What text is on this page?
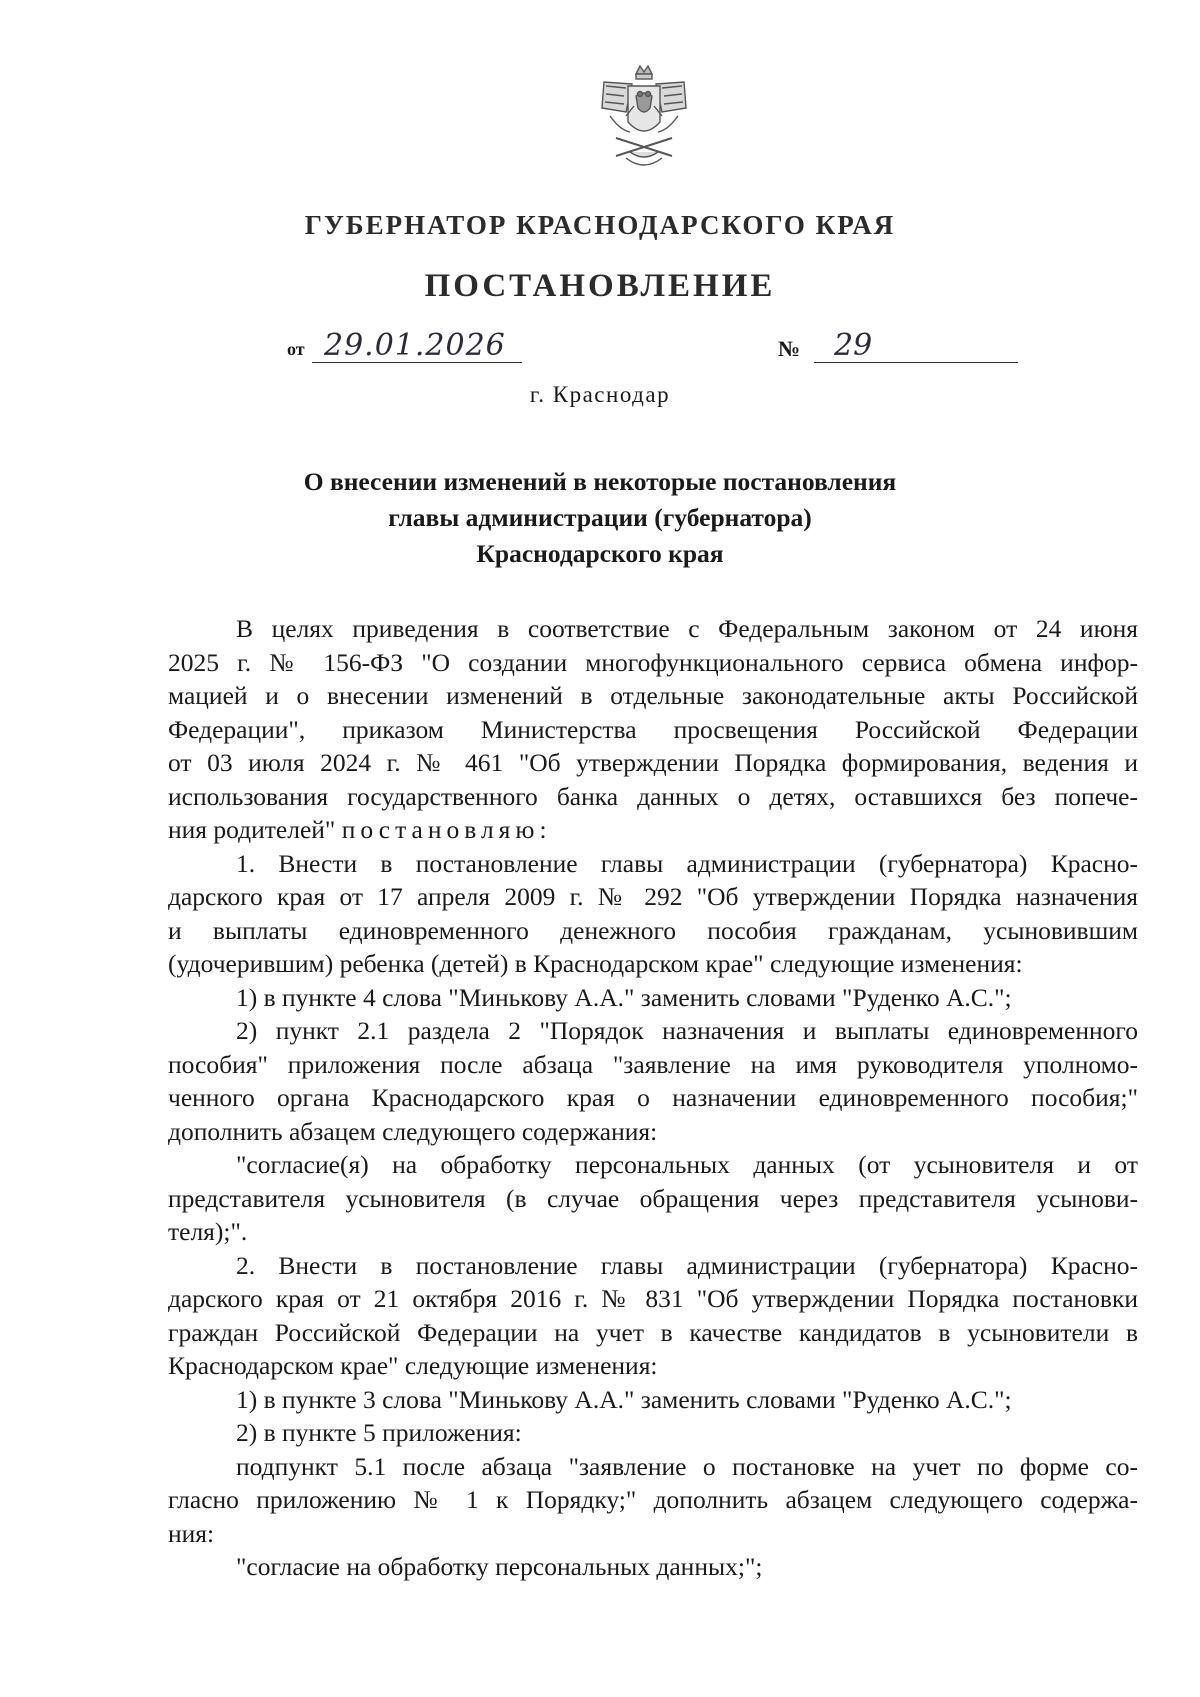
ГУБЕРНАТОР КРАСНОДАРСКОГО КРАЯ
ПОСТАНОВЛЕНИЕ
от 29.01.2026	№ 29
г. Краснодар
О внесении изменений в некоторые постановления
главы администрации (губернатора)
Краснодарского края
В целях приведения в соответствие с Федеральным законом от 24 июня
2025 г. № 156-ФЗ "О создании многофункционального сервиса обмена инфор-
мацией и о внесении изменений в отдельные законодательные акты Российской
Федерации", приказом Министерства просвещения Российской Федерации
от 03 июля 2024 г. № 461 "Об утверждении Порядка формирования, ведения и
использования государственного банка данных о детях, оставшихся без попече-
ния родителей" постановляю:
1. Внести в постановление главы администрации (губернатора) Красно-
дарского края от 17 апреля 2009 г. № 292 "Об утверждении Порядка назначения
и выплаты единовременного денежного пособия гражданам, усыновившим
(удочерившим) ребенка (детей) в Краснодарском крае" следующие изменения:
1) в пункте 4 слова "Минькову А.А." заменить словами "Руденко А.С.";
2) пункт 2.1 раздела 2 "Порядок назначения и выплаты единовременного
пособия" приложения после абзаца "заявление на имя руководителя уполномо-
ченного органа Краснодарского края о назначении единовременного пособия;"
дополнить абзацем следующего содержания:
"согласие(я) на обработку персональных данных (от усыновителя и от
представителя усыновителя (в случае обращения через представителя усынови-
теля);".
2. Внести в постановление главы администрации (губернатора) Красно-
дарского края от 21 октября 2016 г. № 831 "Об утверждении Порядка постановки
граждан Российской Федерации на учет в качестве кандидатов в усыновители в
Краснодарском крае" следующие изменения:
1) в пункте 3 слова "Минькову А.А." заменить словами "Руденко А.С.";
2) в пункте 5 приложения:
подпункт 5.1 после абзаца "заявление о постановке на учет по форме со-
гласно приложению № 1 к Порядку;" дополнить абзацем следующего содержа-
ния:
"согласие на обработку персональных данных;";
